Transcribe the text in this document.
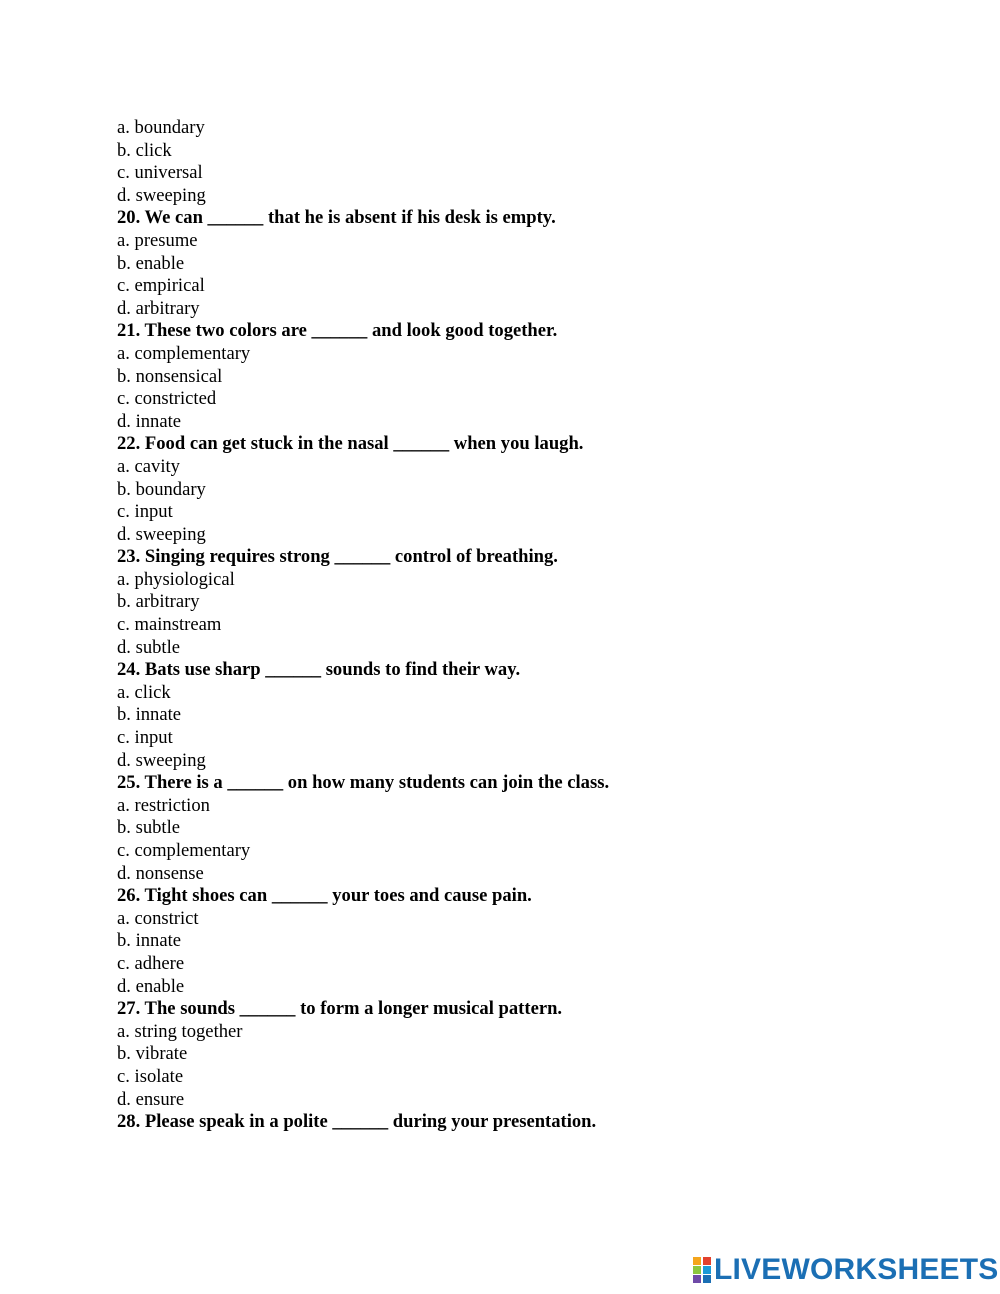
a. boundary
b. click
c. universal
d. sweeping
20. We can ______ that he is absent if his desk is empty.
a. presume
b. enable
c. empirical
d. arbitrary
21. These two colors are ______ and look good together.
a. complementary
b. nonsensical
c. constricted
d. innate
22. Food can get stuck in the nasal ______ when you laugh.
a. cavity
b. boundary
c. input
d. sweeping
23. Singing requires strong ______ control of breathing.
a. physiological
b. arbitrary
c. mainstream
d. subtle
24. Bats use sharp ______ sounds to find their way.
a. click
b. innate
c. input
d. sweeping
25. There is a ______ on how many students can join the class.
a. restriction
b. subtle
c. complementary
d. nonsense
26. Tight shoes can ______ your toes and cause pain.
a. constrict
b. innate
c. adhere
d. enable
27. The sounds ______ to form a longer musical pattern.
a. string together
b. vibrate
c. isolate
d. ensure
28. Please speak in a polite ______ during your presentation.
LIVEWORKSHEETS
